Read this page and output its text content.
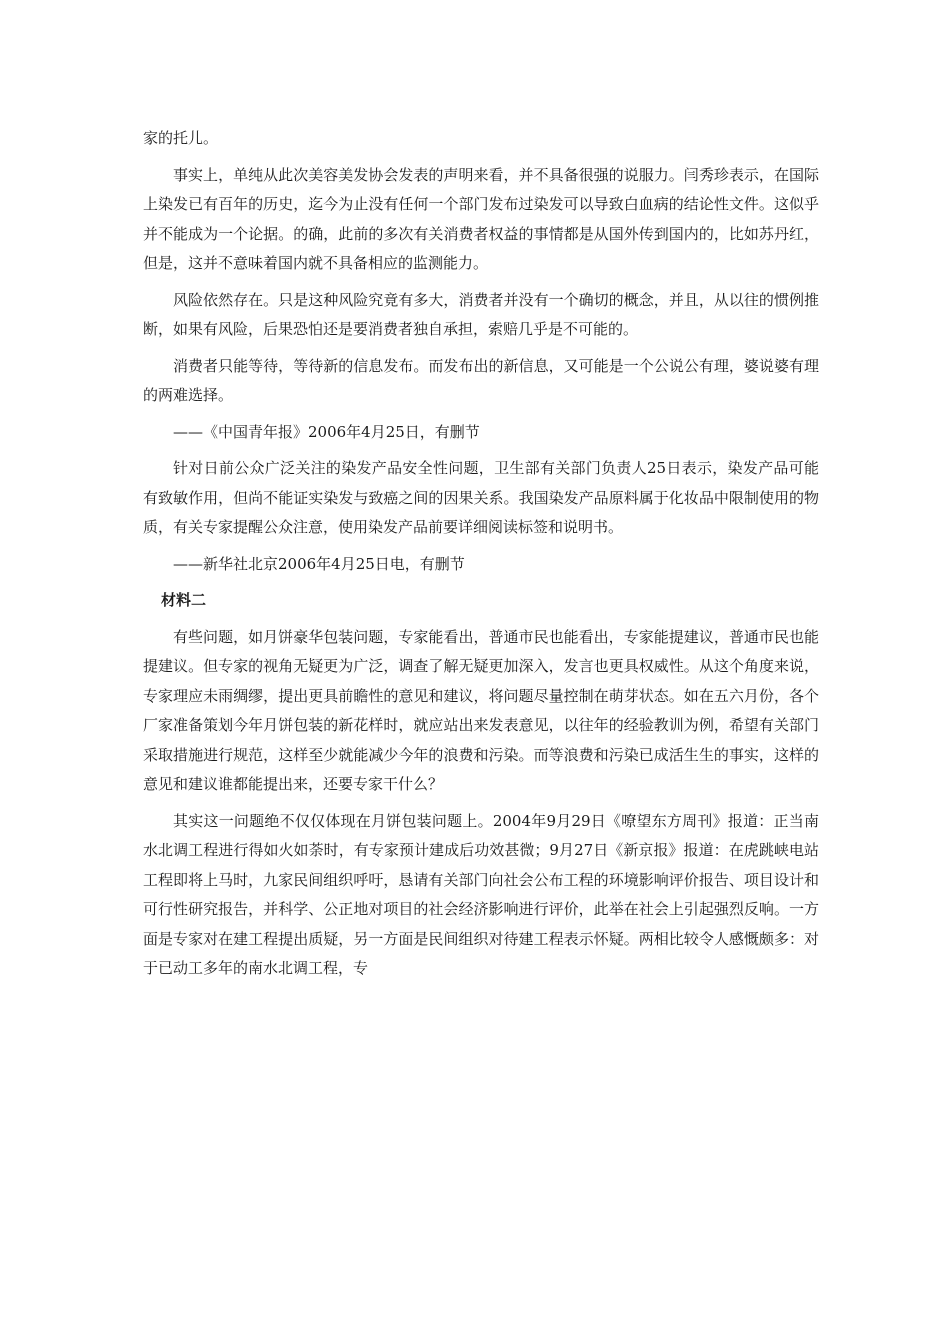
家的托儿。

事实上，单纯从此次美容美发协会发表的声明来看，并不具备很强的说服力。闫秀珍表示，在国际上染发已有百年的历史，迄今为止没有任何一个部门发布过染发可以导致白血病的结论性文件。这似乎并不能成为一个论据。的确，此前的多次有关消费者权益的事情都是从国外传到国内的，比如苏丹红，但是，这并不意味着国内就不具备相应的监测能力。

风险依然存在。只是这种风险究竟有多大，消费者并没有一个确切的概念，并且，从以往的惯例推断，如果有风险，后果恐怕还是要消费者独自承担，索赔几乎是不可能的。

消费者只能等待，等待新的信息发布。而发布出的新信息，又可能是一个公说公有理，婆说婆有理的两难选择。

——《中国青年报》2006年4月25日，有删节

针对日前公众广泛关注的染发产品安全性问题，卫生部有关部门负责人25日表示，染发产品可能有致敏作用，但尚不能证实染发与致癌之间的因果关系。我国染发产品原料属于化妆品中限制使用的物质，有关专家提醒公众注意，使用染发产品前要详细阅读标签和说明书。

——新华社北京2006年4月25日电，有删节

材料二

有些问题，如月饼豪华包装问题，专家能看出，普通市民也能看出，专家能提建议，普通市民也能提建议。但专家的视角无疑更为广泛，调查了解无疑更加深入，发言也更具权威性。从这个角度来说，专家理应未雨绸缪，提出更具前瞻性的意见和建议，将问题尽量控制在萌芽状态。如在五六月份，各个厂家准备策划今年月饼包装的新花样时，就应站出来发表意见，以往年的经验教训为例，希望有关部门采取措施进行规范，这样至少就能减少今年的浪费和污染。而等浪费和污染已成活生生的事实，这样的意见和建议谁都能提出来，还要专家干什么？

其实这一问题绝不仅仅体现在月饼包装问题上。2004年9月29日《嘹望东方周刊》报道：正当南水北调工程进行得如火如荼时，有专家预计建成后功效甚微；9月27日《新京报》报道：在虎跳峡电站工程即将上马时，九家民间组织呼吁，恳请有关部门向社会公布工程的环境影响评价报告、项目设计和可行性研究报告，并科学、公正地对项目的社会经济影响进行评价，此举在社会上引起强烈反响。一方面是专家对在建工程提出质疑，另一方面是民间组织对待建工程表示怀疑。两相比较令人感慨颇多：对于已动工多年的南水北调工程，专
